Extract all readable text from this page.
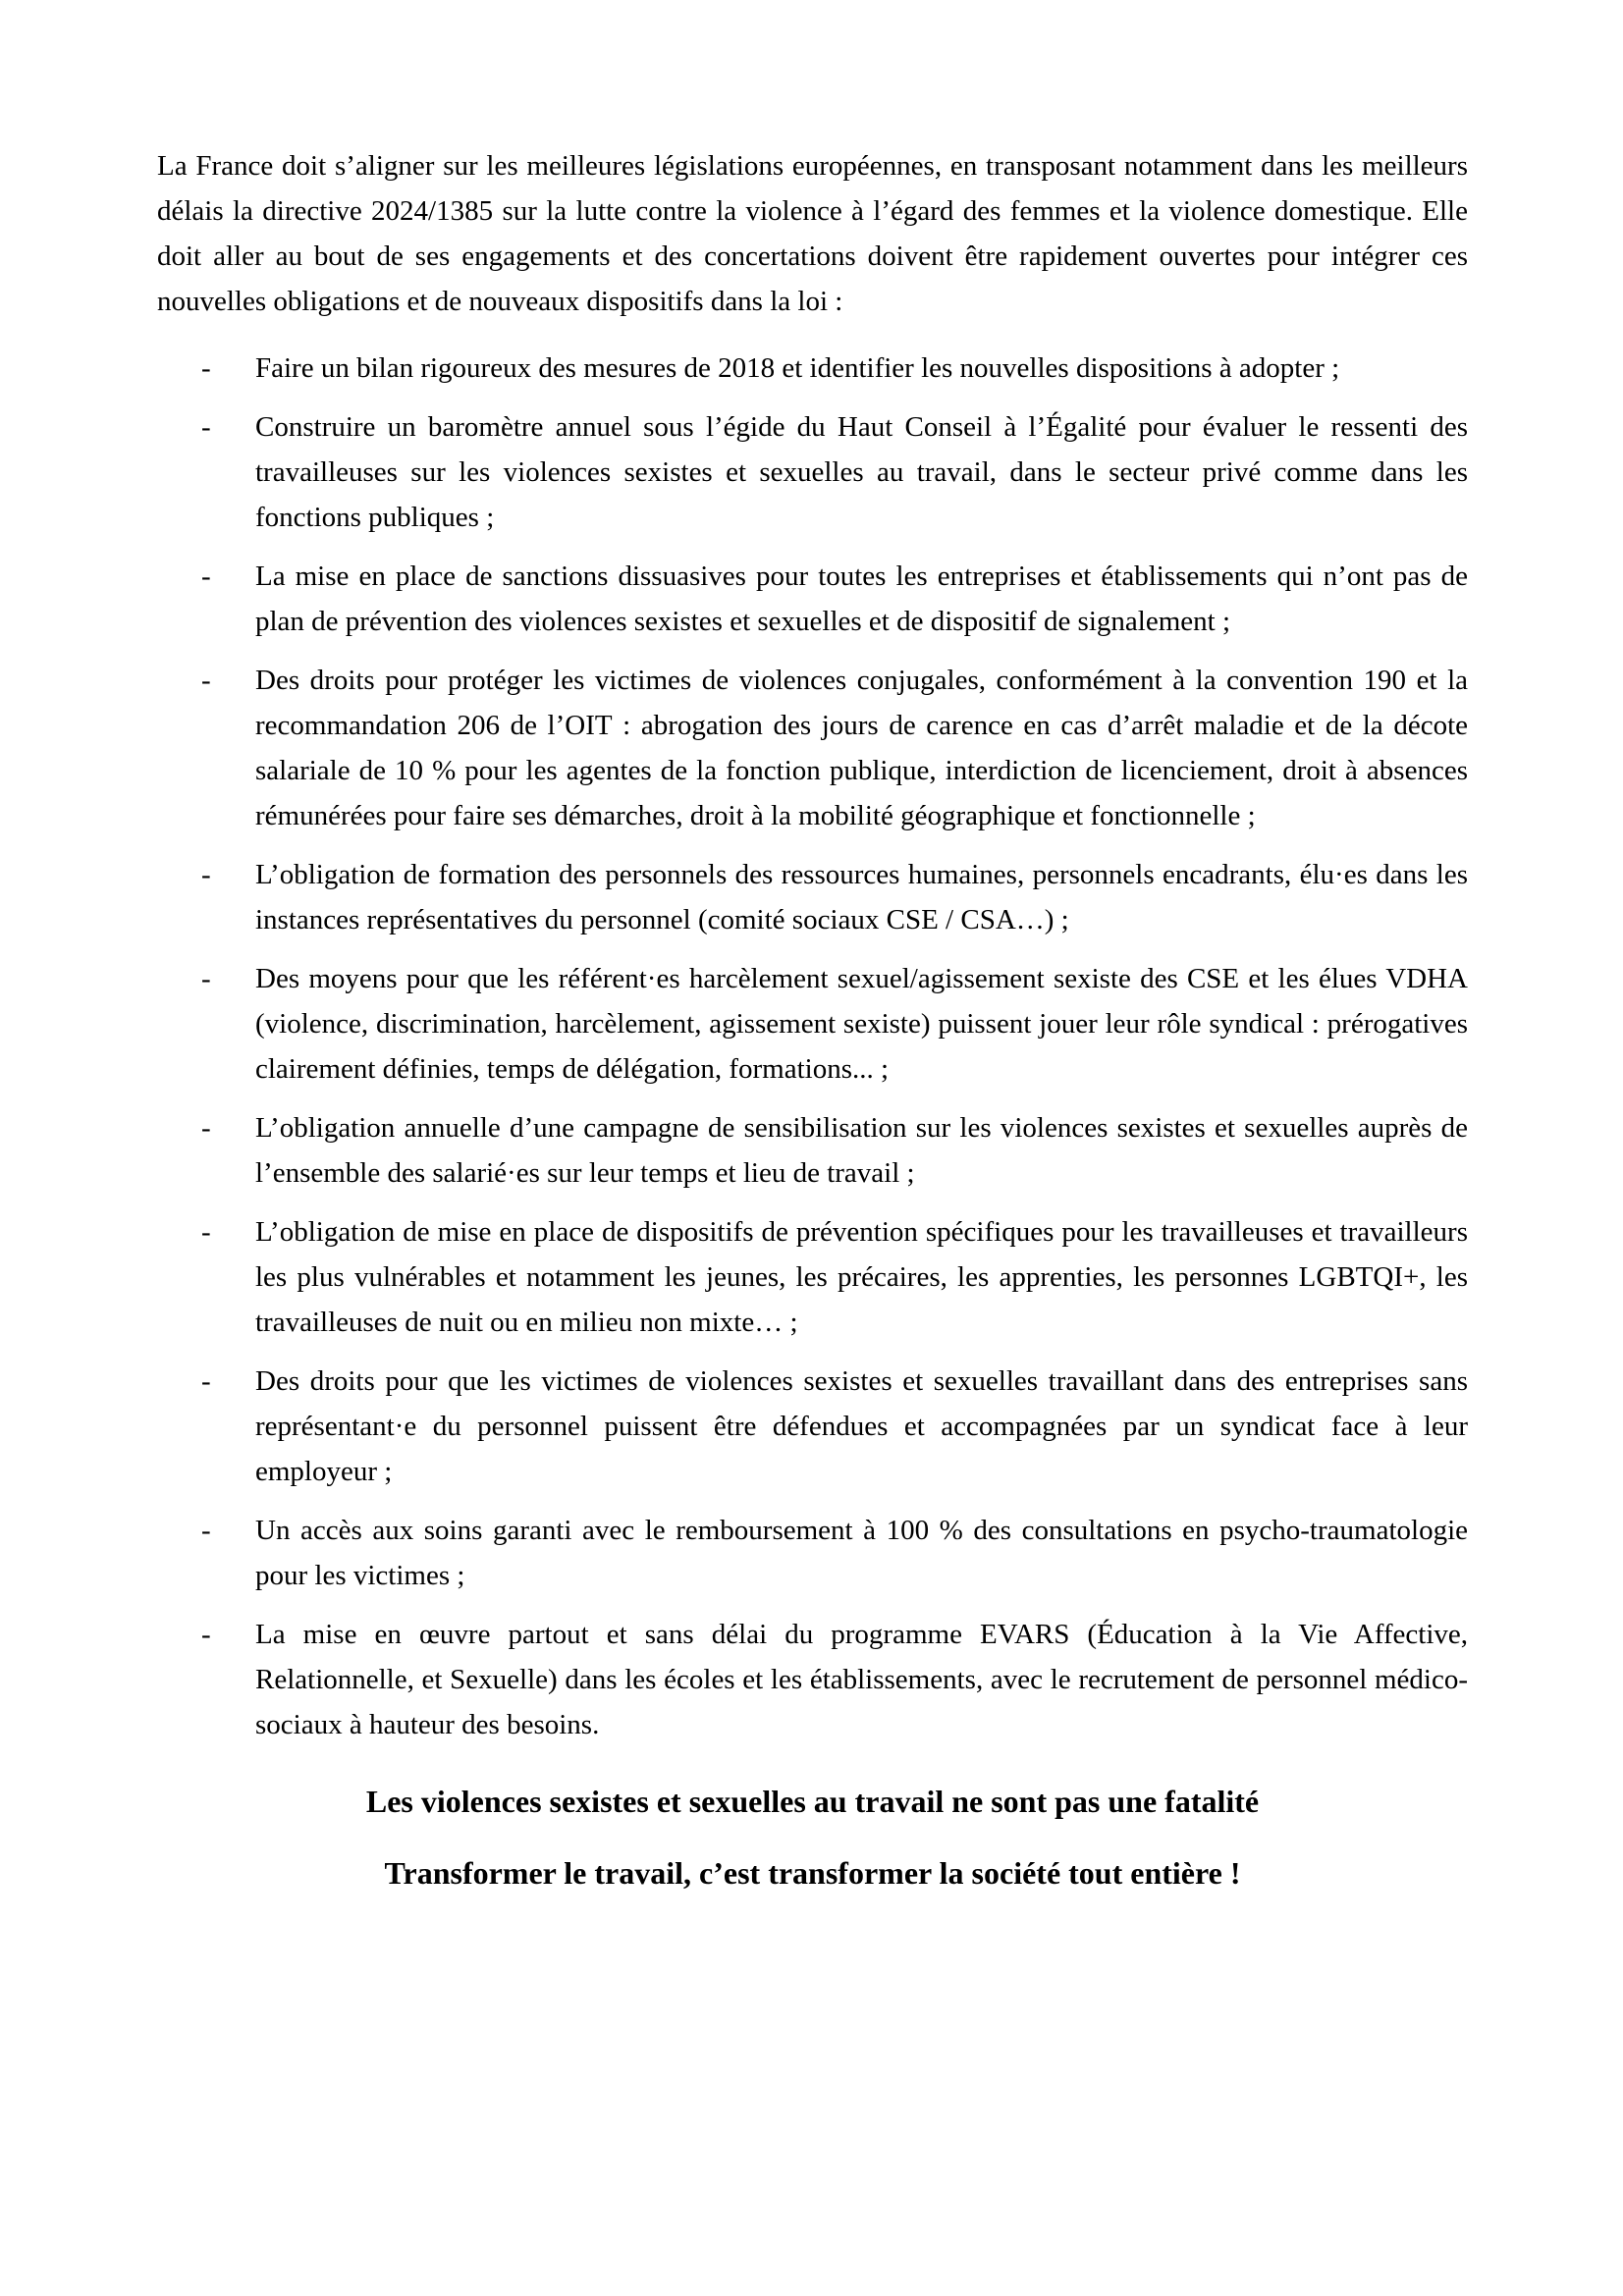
La France doit s’aligner sur les meilleures législations européennes, en transposant notamment dans les meilleurs délais la directive 2024/1385 sur la lutte contre la violence à l’égard des femmes et la violence domestique. Elle doit aller au bout de ses engagements et des concertations doivent être rapidement ouvertes pour intégrer ces nouvelles obligations et de nouveaux dispositifs dans la loi :

-	Faire un bilan rigoureux des mesures de 2018 et identifier les nouvelles dispositions à adopter ;
-	Construire un baromètre annuel sous l’égide du Haut Conseil à l’Égalité pour évaluer le ressenti des travailleuses sur les violences sexistes et sexuelles au travail, dans le secteur privé comme dans les fonctions publiques ;
-	La mise en place de sanctions dissuasives pour toutes les entreprises et établissements qui n’ont pas de plan de prévention des violences sexistes et sexuelles et de dispositif de signalement ;
-	Des droits pour protéger les victimes de violences conjugales, conformément à la convention 190 et la recommandation 206 de l’OIT : abrogation des jours de carence en cas d’arrêt maladie et de la décote salariale de 10 % pour les agentes de la fonction publique, interdiction de licenciement, droit à absences rémunérées pour faire ses démarches, droit à la mobilité géographique et fonctionnelle ;
-	L’obligation de formation des personnels des ressources humaines, personnels encadrants, élu·es dans les instances représentatives du personnel (comité sociaux CSE / CSA…) ;
-	Des moyens pour que les référent·es harcèlement sexuel/agissement sexiste des CSE et les élues VDHA (violence, discrimination, harcèlement, agissement sexiste) puissent jouer leur rôle syndical : prérogatives clairement définies, temps de délégation, formations... ;
-	L’obligation annuelle d’une campagne de sensibilisation sur les violences sexistes et sexuelles auprès de l’ensemble des salarié·es sur leur temps et lieu de travail ;
-	L’obligation de mise en place de dispositifs de prévention spécifiques pour les travailleuses et travailleurs les plus vulnérables et notamment les jeunes, les précaires, les apprenties, les personnes LGBTQI+, les travailleuses de nuit ou en milieu non mixte… ;
-	Des droits pour que les victimes de violences sexistes et sexuelles travaillant dans des entreprises sans représentant·e du personnel puissent être défendues et accompagnées par un syndicat face à leur employeur ;
-	Un accès aux soins garanti avec le remboursement à 100 % des consultations en psycho-traumatologie pour les victimes ;
-	La mise en œuvre partout et sans délai du programme EVARS (Éducation à la Vie Affective, Relationnelle, et Sexuelle) dans les écoles et les établissements, avec le recrutement de personnel médico-sociaux à hauteur des besoins.

Les violences sexistes et sexuelles au travail ne sont pas une fatalité

Transformer le travail, c’est transformer la société tout entière !
